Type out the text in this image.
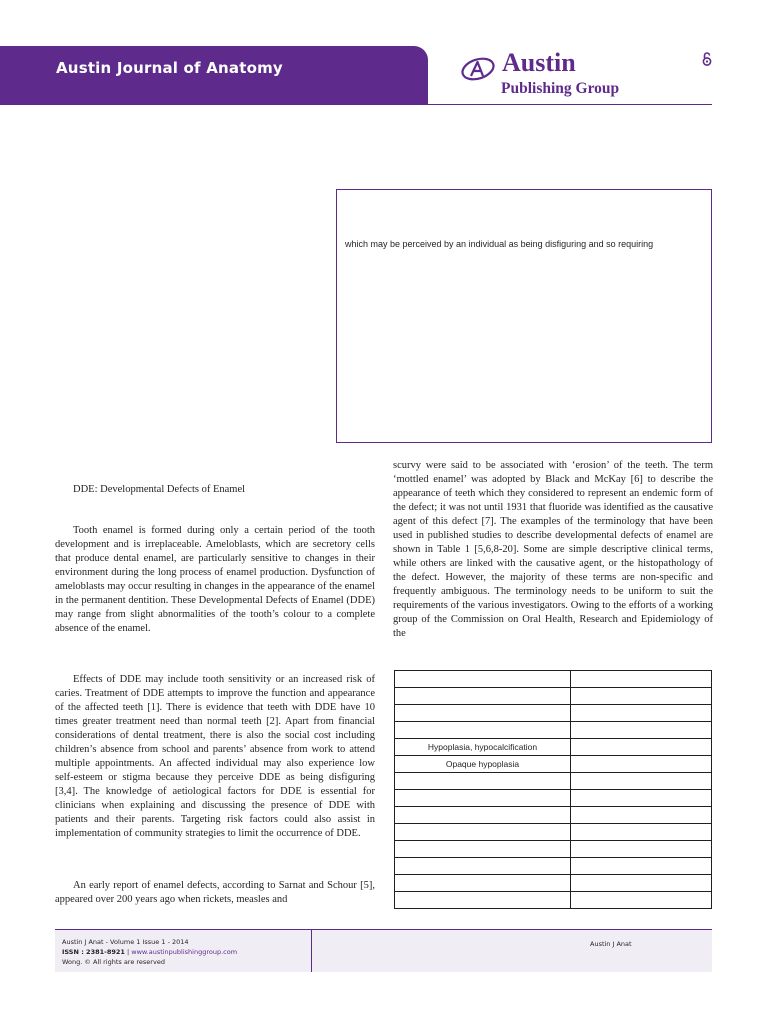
Austin Journal of Anatomy	Austin
Publishing Group
which may be perceived by an individual as being disfiguring and so requiring
DDE: Developmental Defects of Enamel

Tooth enamel is formed during only a certain period of the tooth development and is irreplaceable. Ameloblasts, which are secretory cells that produce dental enamel, are particularly sensitive to changes in their environment during the long process of enamel production. Dysfunction of ameloblasts may occur resulting in changes in the appearance of the enamel in the permanent dentition. These Developmental Defects of Enamel (DDE) may range from slight abnormalities of the tooth’s colour to a complete absence of the enamel.

Effects of DDE may include tooth sensitivity or an increased risk of caries. Treatment of DDE attempts to improve the function and appearance of the affected teeth [1]. There is evidence that teeth with DDE have 10 times greater treatment need than normal teeth [2]. Apart from financial considerations of dental treatment, there is also the social cost including children’s absence from school and parents’ absence from work to attend multiple appointments. An affected individual may also experience low self-esteem or stigma because they perceive DDE as being disfiguring [3,4]. The knowledge of aetiological factors for DDE is essential for clinicians when explaining and discussing the presence of DDE with patients and their parents. Targeting risk factors could also assist in implementation of community strategies to limit the occurrence of DDE.

An early report of enamel defects, according to Sarnat and Schour [5], appeared over 200 years ago when rickets, measles and

scurvy were said to be associated with ‘erosion’ of the teeth. The term ‘mottled enamel’ was adopted by Black and McKay [6] to describe the appearance of teeth which they considered to represent an endemic form of the defect; it was not until 1931 that fluoride was identified as the causative agent of this defect [7]. The examples of the terminology that have been used in published studies to describe developmental defects of enamel are shown in Table 1 [5,6,8-20]. Some are simple descriptive clinical terms, while others are linked with the causative agent, or the histopathology of the defect. However, the majority of these terms are non-specific and frequently ambiguous. The terminology needs to be uniform to suit the requirements of the various investigators. Owing to the efforts of a working group of the Commission on Oral Health, Research and Epidemiology of the

Hypoplasia, hypocalcification	
Opaque hypoplasia	

Austin J Anat - Volume 1 Issue 1 - 2014
ISSN : 2381-8921 | www.austinpublishinggroup.com
Wong. © All rights are reserved
Austin J Anat
